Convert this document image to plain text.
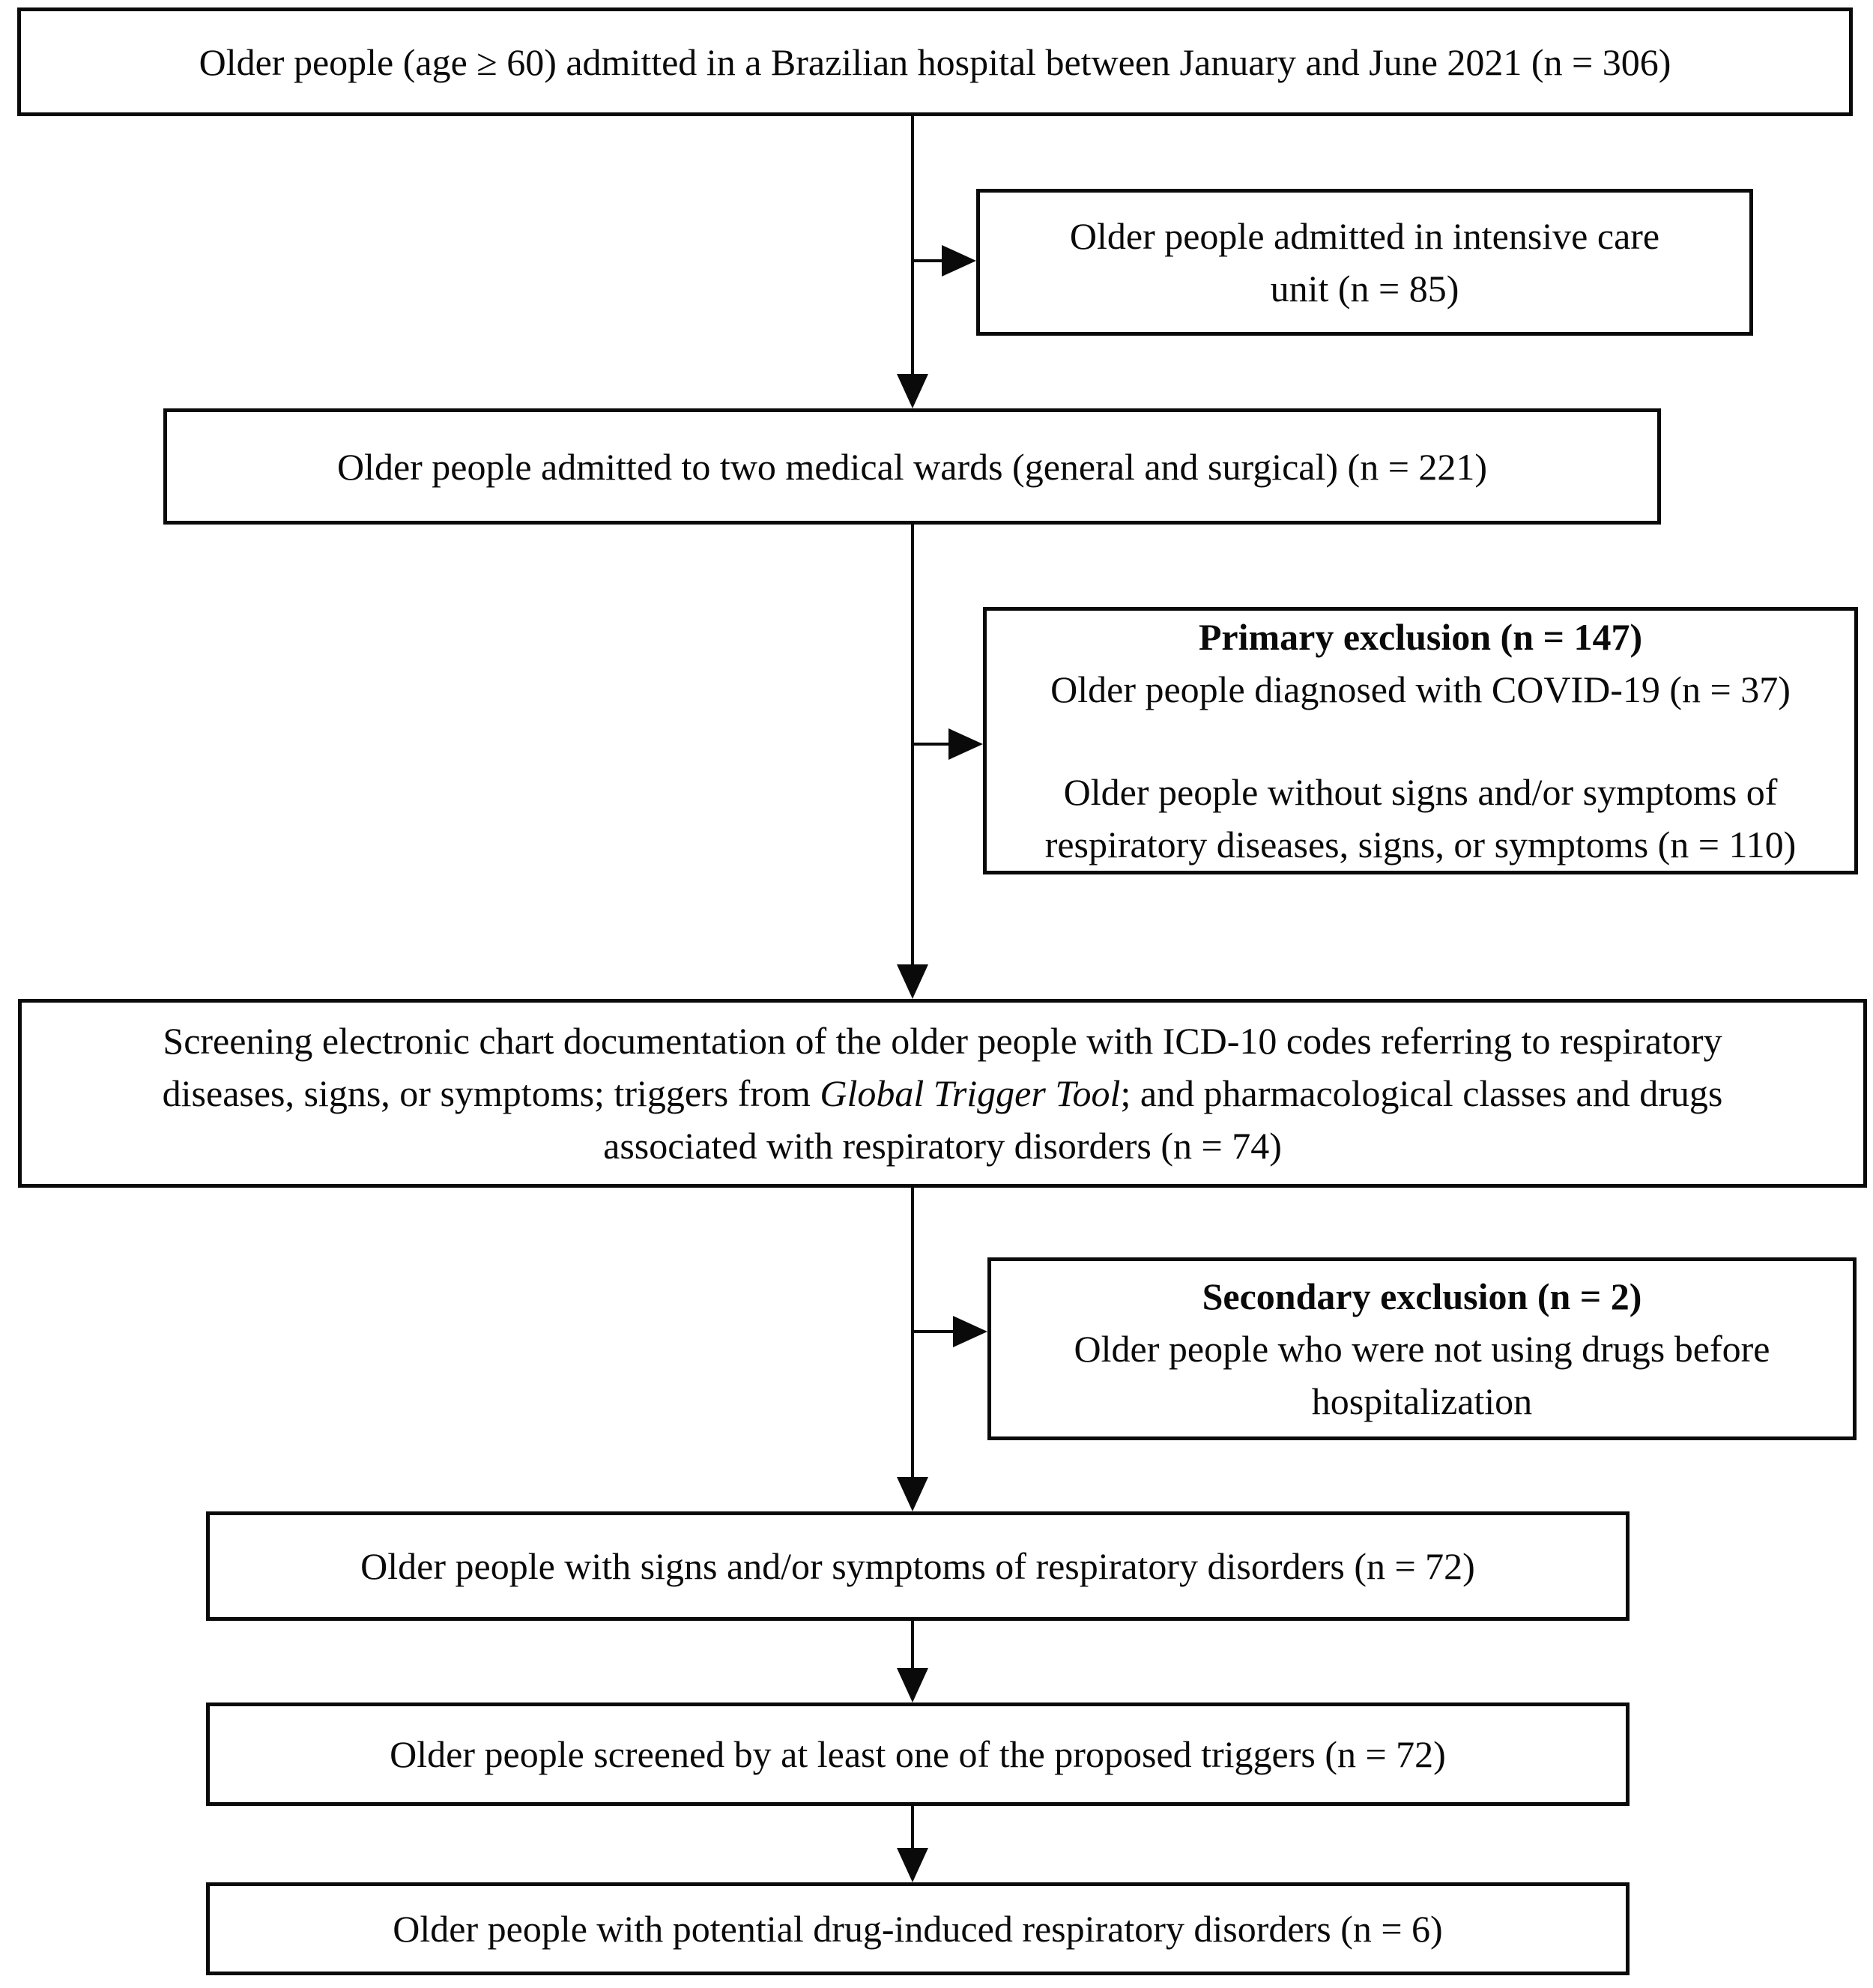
Older people (age ≥ 60) admitted in a Brazilian hospital between January and June 2021 (n = 306)
Older people admitted in intensive care
unit (n = 85)
Older people admitted to two medical wards (general and surgical) (n = 221)
Primary exclusion (n = 147)
Older people diagnosed with COVID-19 (n = 37)
Older people without signs and/or symptoms of
respiratory diseases, signs, or symptoms (n = 110)
Screening electronic chart documentation of the older people with ICD-10 codes referring to respiratory
diseases, signs, or symptoms; triggers from Global Trigger Tool; and pharmacological classes and drugs
associated with respiratory disorders (n = 74)
Secondary exclusion (n = 2)
Older people who were not using drugs before
hospitalization
Older people with signs and/or symptoms of respiratory disorders (n = 72)
Older people screened by at least one of the proposed triggers (n = 72)
Older people with potential drug-induced respiratory disorders (n = 6)
